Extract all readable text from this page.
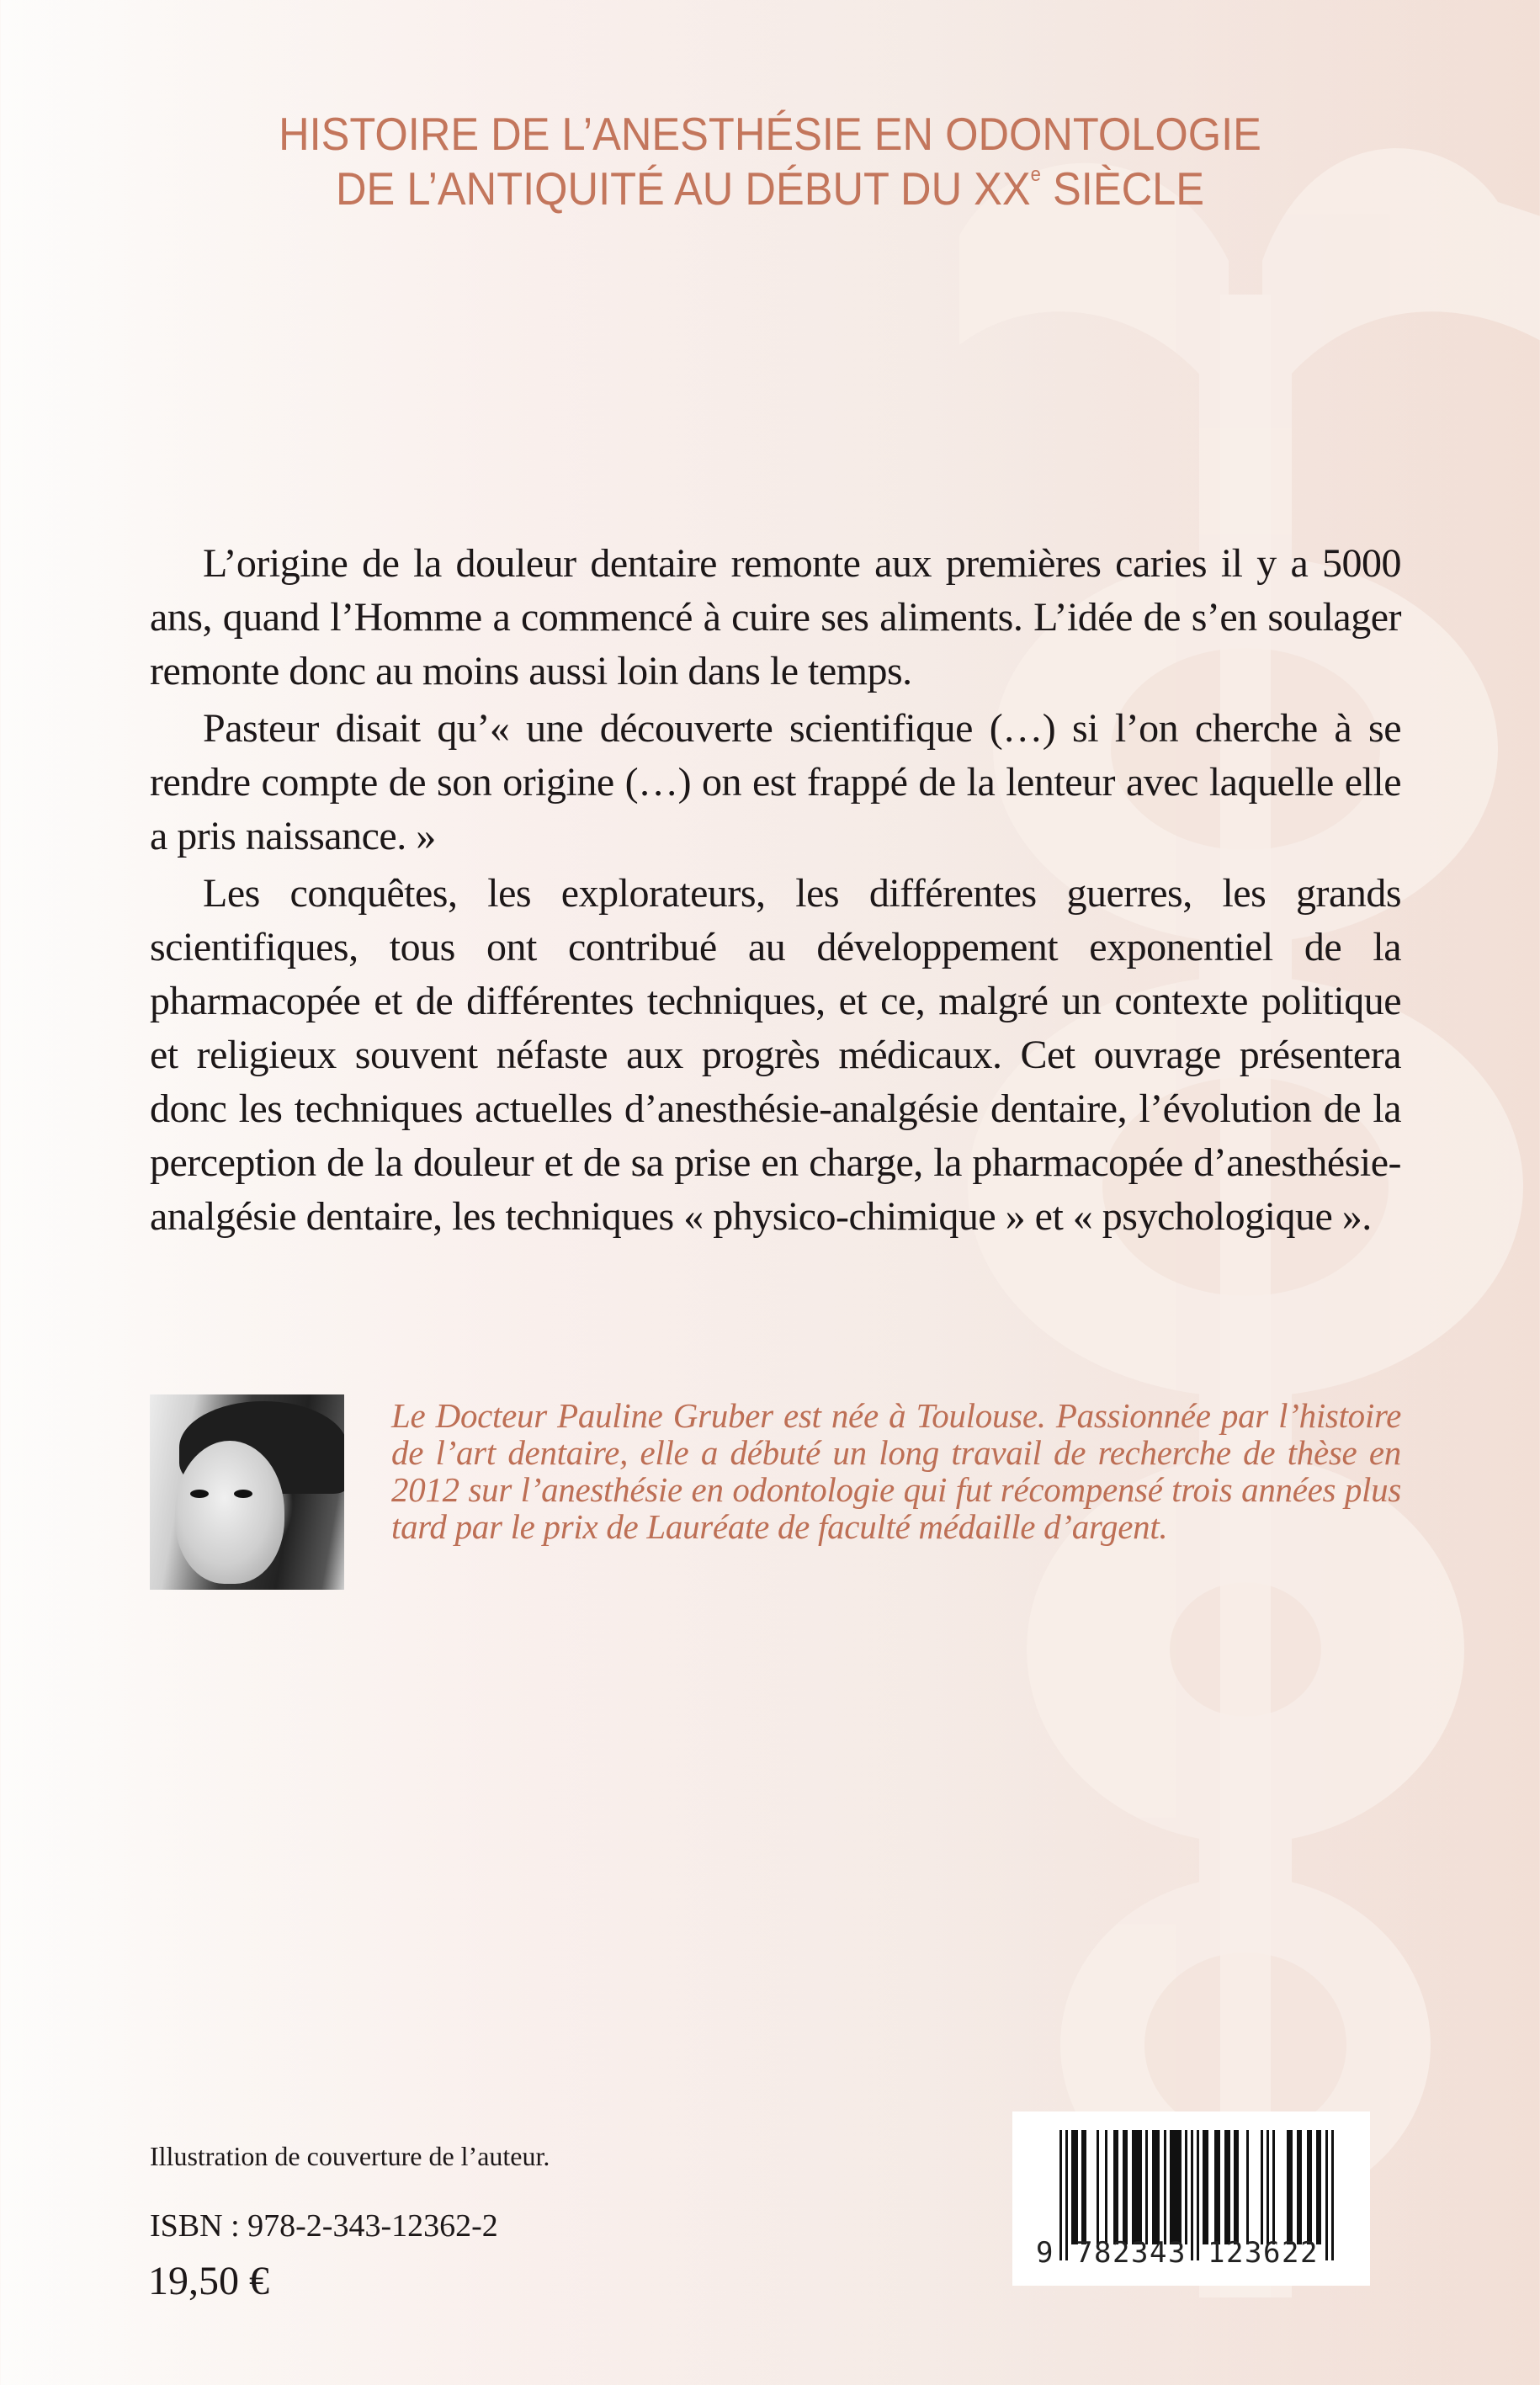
HISTOIRE DE L’ANESTHÉSIE EN ODONTOLOGIE
DE L’ANTIQUITÉ AU DÉBUT DU XXe SIÈCLE

L’origine de la douleur dentaire remonte aux premières caries il y a 5000 ans, quand l’Homme a commencé à cuire ses aliments. L’idée de s’en soulager remonte donc au moins aussi loin dans le temps.

Pasteur disait qu’« une découverte scientifique (…) si l’on cherche à se rendre compte de son origine (…) on est frappé de la lenteur avec laquelle elle a pris naissance. »

Les conquêtes, les explorateurs, les différentes guerres, les grands scientifiques, tous ont contribué au développement exponentiel de la pharmacopée et de différentes techniques, et ce, malgré un contexte politique et religieux souvent néfaste aux progrès médicaux. Cet ouvrage présentera donc les techniques actuelles d’anesthésie-analgésie dentaire, l’évolution de la perception de la douleur et de sa prise en charge, la pharmacopée d’anesthésie-analgésie dentaire, les techniques « physico-chimique » et « psychologique ».

Le Docteur Pauline Gruber est née à Toulouse. Passionnée par l’histoire de l’art dentaire, elle a débuté un long travail de recherche de thèse en 2012 sur l’anesthésie en odontologie qui fut récompensé trois années plus tard par le prix de Lauréate de faculté médaille d’argent.
Illustration de couverture de l’auteur.
ISBN : 978-2-343-12362-2
19,50 €
9 7 8 2 3 4 3 1 2 3 6 2 2
